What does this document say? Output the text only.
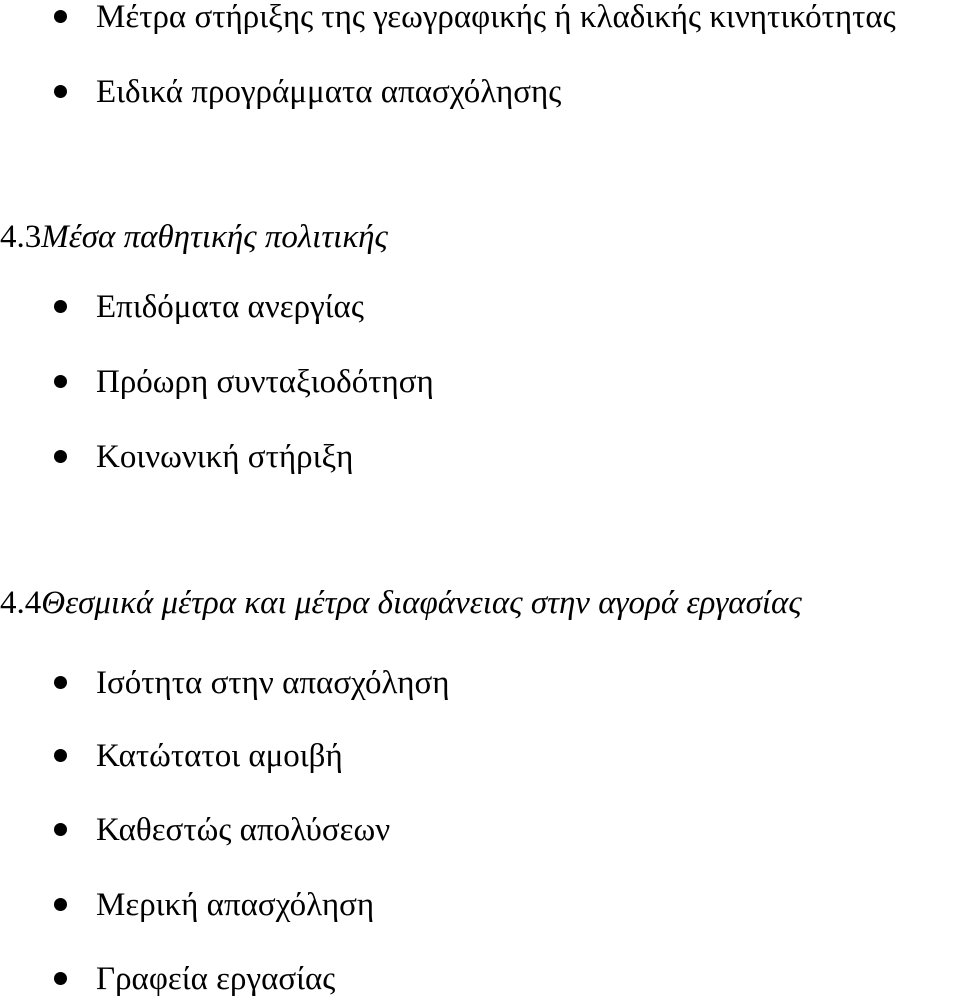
Μέτρα στήριξης της γεωγραφικής ή κλαδικής κινητικότητας
Ειδικά προγράμματα απασχόλησης
4.3Μέσα παθητικής πολιτικής
Επιδόματα ανεργίας
Πρόωρη συνταξιοδότηση
Κοινωνική στήριξη
4.4Θεσμικά μέτρα και μέτρα διαφάνειας στην αγορά εργασίας
Ισότητα στην απασχόληση
Κατώτατοι αμοιβή
Καθεστώς απολύσεων
Μερική απασχόληση
Γραφεία εργασίας
